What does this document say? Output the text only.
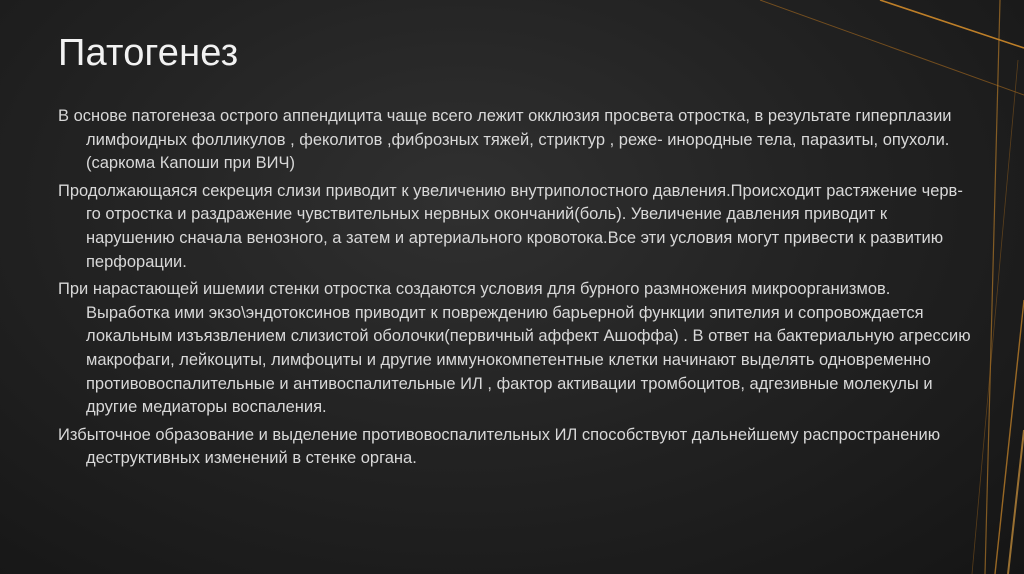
Патогенез

В основе патогенеза острого аппендицита чаще всего лежит окклюзия просвета отростка, в результате гиперплазии лимфоидных фолликулов , феколитов ,фиброзных тяжей, стриктур , реже- инородные тела, паразиты, опухоли.(саркома Капоши при ВИЧ)

Продолжающаяся секреция слизи приводит к увеличению внутриполостного давления.Происходит растяжение черв-го отростка и раздражение чувствительных нервных окончаний(боль). Увеличение давления приводит к нарушению сначала венозного, а затем и артериального кровотока.Все эти условия могут привести к развитию перфорации.

При нарастающей ишемии стенки отростка создаются условия для бурного размножения микроорганизмов. Выработка ими экзо\эндотоксинов приводит к повреждению барьерной функции эпителия и сопровождается локальным изъязвлением слизистой оболочки(первичный аффект Ашоффа) . В ответ на бактериальную агрессию макрофаги, лейкоциты, лимфоциты и другие иммунокомпетентные клетки начинают выделять одновременно противовоспалительные и антивоспалительные ИЛ , фактор активации тромбоцитов, адгезивные молекулы и другие медиаторы воспаления.

Избыточное образование и выделение противовоспалительных ИЛ способствуют дальнейшему распространению деструктивных изменений в стенке органа.
